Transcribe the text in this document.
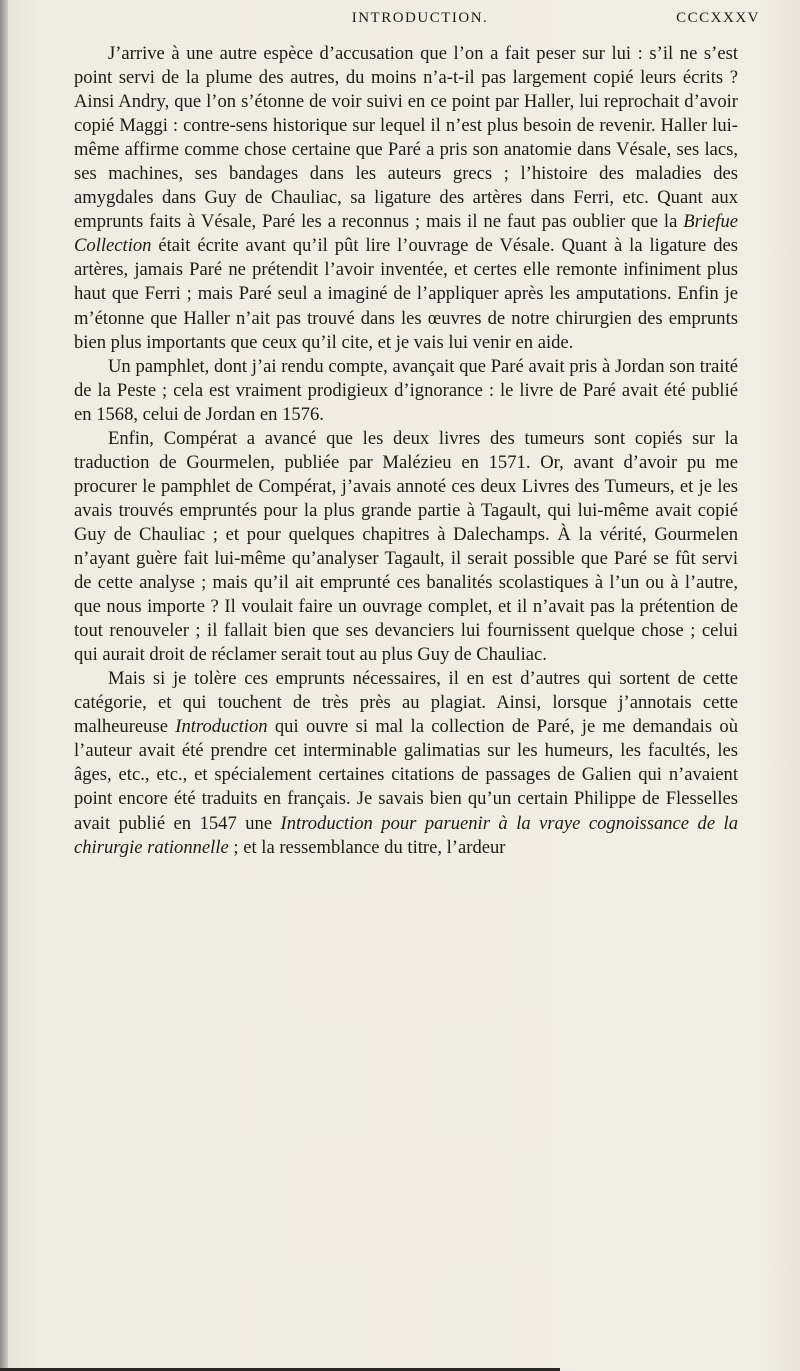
INTRODUCTION.	CCCXXXV

J’arrive à une autre espèce d’accusation que l’on a fait peser sur lui : s’il ne s’est point servi de la plume des autres, du moins n’a-t-il pas largement copié leurs écrits ? Ainsi Andry, que l’on s’étonne de voir suivi en ce point par Haller, lui reprochait d’avoir copié Maggi : contre-sens historique sur lequel il n’est plus besoin de revenir. Haller lui-même affirme comme chose certaine que Paré a pris son anatomie dans Vésale, ses lacs, ses machines, ses bandages dans les auteurs grecs ; l’histoire des maladies des amygdales dans Guy de Chauliac, sa ligature des artères dans Ferri, etc. Quant aux emprunts faits à Vésale, Paré les a reconnus ; mais il ne faut pas oublier que la Briefue Collection était écrite avant qu’il pût lire l’ouvrage de Vésale. Quant à la ligature des artères, jamais Paré ne prétendit l’avoir inventée, et certes elle remonte infiniment plus haut que Ferri ; mais Paré seul a imaginé de l’appliquer après les amputations. Enfin je m’étonne que Haller n’ait pas trouvé dans les œuvres de notre chirurgien des emprunts bien plus importants que ceux qu’il cite, et je vais lui venir en aide.

Un pamphlet, dont j’ai rendu compte, avançait que Paré avait pris à Jordan son traité de la Peste ; cela est vraiment prodigieux d’ignorance : le livre de Paré avait été publié en 1568, celui de Jordan en 1576.

Enfin, Compérat a avancé que les deux livres des tumeurs sont copiés sur la traduction de Gourmelen, publiée par Malézieu en 1571. Or, avant d’avoir pu me procurer le pamphlet de Compérat, j’avais annoté ces deux Livres des Tumeurs, et je les avais trouvés empruntés pour la plus grande partie à Tagault, qui lui-même avait copié Guy de Chauliac ; et pour quelques chapitres à Dalechamps. À la vérité, Gourmelen n’ayant guère fait lui-même qu’analyser Tagault, il serait possible que Paré se fût servi de cette analyse ; mais qu’il ait emprunté ces banalités scolastiques à l’un ou à l’autre, que nous importe ? Il voulait faire un ouvrage complet, et il n’avait pas la prétention de tout renouveler ; il fallait bien que ses devanciers lui fournissent quelque chose ; celui qui aurait droit de réclamer serait tout au plus Guy de Chauliac.

Mais si je tolère ces emprunts nécessaires, il en est d’autres qui sortent de cette catégorie, et qui touchent de très près au plagiat. Ainsi, lorsque j’annotais cette malheureuse Introduction qui ouvre si mal la collection de Paré, je me demandais où l’auteur avait été prendre cet interminable galimatias sur les humeurs, les facultés, les âges, etc., etc., et spécialement certaines citations de passages de Galien qui n’avaient point encore été traduits en français. Je savais bien qu’un certain Philippe de Flesselles avait publié en 1547 une Introduction pour paruenir à la vraye cognoissance de la chirurgie rationnelle ; et la ressemblance du titre, l’ardeur
